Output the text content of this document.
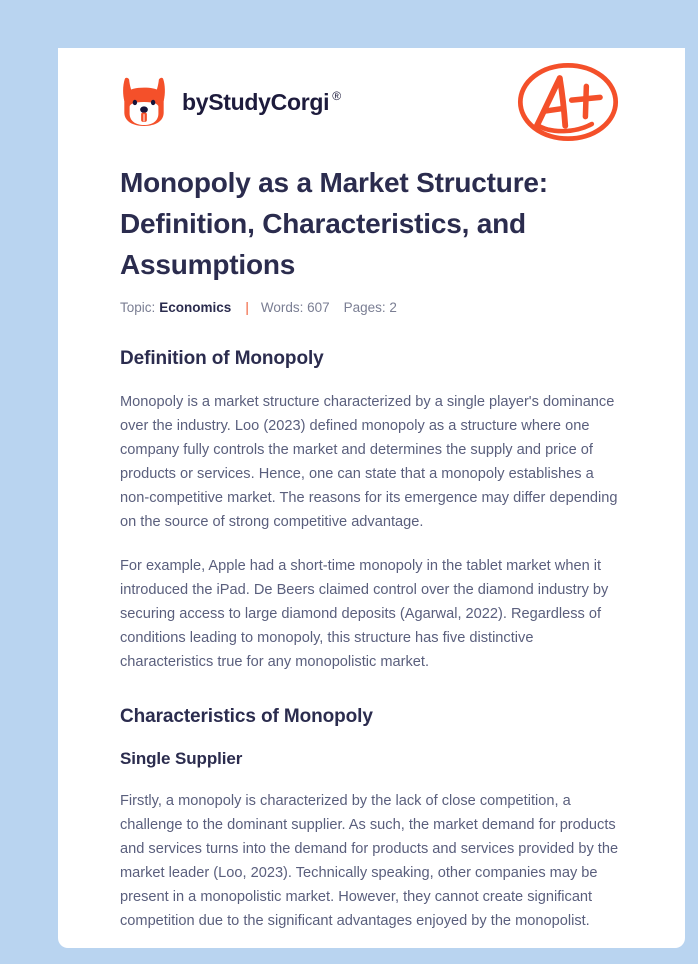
by StudyCorgi ®
Monopoly as a Market Structure: Definition, Characteristics, and Assumptions
Topic: Economics | Words: 607 Pages: 2
Definition of Monopoly

Monopoly is a market structure characterized by a single player's dominance over the industry. Loo (2023) defined monopoly as a structure where one company fully controls the market and determines the supply and price of products or services. Hence, one can state that a monopoly establishes a non-competitive market. The reasons for its emergence may differ depending on the source of strong competitive advantage.

For example, Apple had a short-time monopoly in the tablet market when it introduced the iPad. De Beers claimed control over the diamond industry by securing access to large diamond deposits (Agarwal, 2022). Regardless of conditions leading to monopoly, this structure has five distinctive characteristics true for any monopolistic market.

Characteristics of Monopoly
Single Supplier

Firstly, a monopoly is characterized by the lack of close competition, a challenge to the dominant supplier. As such, the market demand for products and services turns into the demand for products and services provided by the market leader (Loo, 2023). Technically speaking, other companies may be present in a monopolistic market. However, they cannot create significant competition due to the significant advantages enjoyed by the monopolist.
